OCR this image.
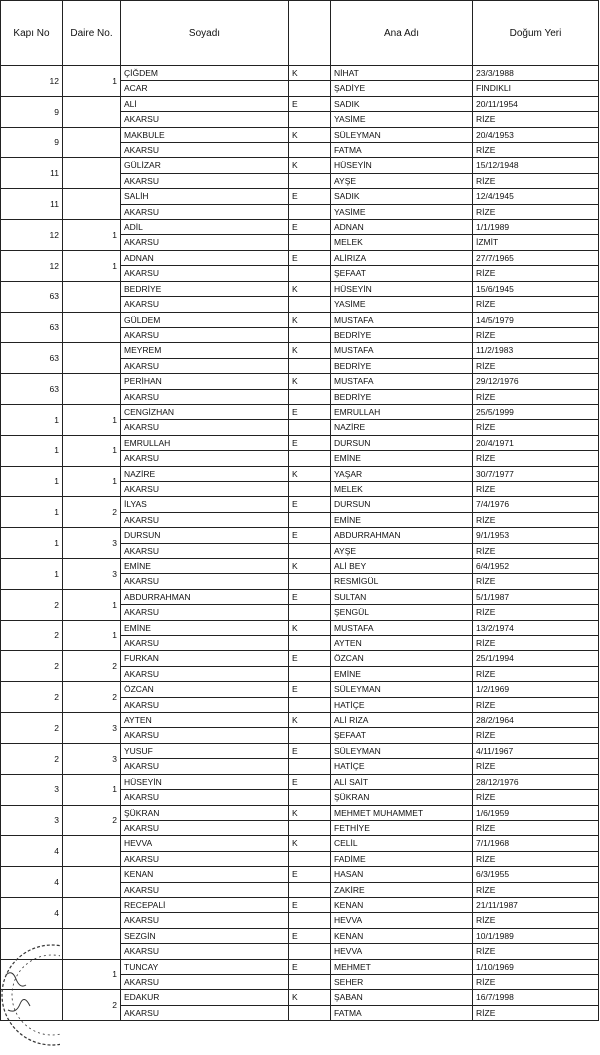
Kapı No	Daire No.	Soyadı		Ana Adı	Doğum Yeri
12	1	ÇİĞDEM	K	NİHAT	23/3/1988
		ACAR		ŞADİYE	FINDIKLI
9		ALİ	E	SADIK	20/11/1954
		AKARSU		YASİME	RİZE
9		MAKBULE	K	SÜLEYMAN	20/4/1953
		AKARSU		FATMA	RİZE
11		GÜLİZAR	K	HÜSEYİN	15/12/1948
		AKARSU		AYŞE	RİZE
11		SALİH	E	SADIK	12/4/1945
		AKARSU		YASİME	RİZE
12	1	ADİL	E	ADNAN	1/1/1989
		AKARSU		MELEK	İZMİT
12	1	ADNAN	E	ALİRIZA	27/7/1965
		AKARSU		ŞEFAAT	RİZE
63		BEDRİYE	K	HÜSEYİN	15/6/1945
		AKARSU		YASİME	RİZE
63		GÜLDEM	K	MUSTAFA	14/5/1979
		AKARSU		BEDRİYE	RİZE
63		MEYREM	K	MUSTAFA	11/2/1983
		AKARSU		BEDRİYE	RİZE
63		PERİHAN	K	MUSTAFA	29/12/1976
		AKARSU		BEDRİYE	RİZE
1	1	CENGİZHAN	E	EMRULLAH	25/5/1999
		AKARSU		NAZİRE	RİZE
1	1	EMRULLAH	E	DURSUN	20/4/1971
		AKARSU		EMİNE	RİZE
1	1	NAZİRE	K	YAŞAR	30/7/1977
		AKARSU		MELEK	RİZE
1	2	İLYAS	E	DURSUN	7/4/1976
		AKARSU		EMİNE	RİZE
1	3	DURSUN	E	ABDURRAHMAN	9/1/1953
		AKARSU		AYŞE	RİZE
1	3	EMİNE	K	ALİ BEY	6/4/1952
		AKARSU		RESMİGÜL	RİZE
2	1	ABDURRAHMAN	E	SULTAN	5/1/1987
		AKARSU		ŞENGÜL	RİZE
2	1	EMİNE	K	MUSTAFA	13/2/1974
		AKARSU		AYTEN	RİZE
2	2	FURKAN	E	ÖZCAN	25/1/1994
		AKARSU		EMİNE	RİZE
2	2	ÖZCAN	E	SÜLEYMAN	1/2/1969
		AKARSU		HATİÇE	RİZE
2	3	AYTEN	K	ALİ RIZA	28/2/1964
		AKARSU		ŞEFAAT	RİZE
2	3	YUSUF	E	SÜLEYMAN	4/11/1967
		AKARSU		HATİÇE	RİZE
3	1	HÜSEYİN	E	ALİ SAİT	28/12/1976
		AKARSU		ŞÜKRAN	RİZE
3	2	ŞÜKRAN	K	MEHMET MUHAMMET	1/6/1959
		AKARSU		FETHİYE	RİZE
4		HEVVA	K	CELİL	7/1/1968
		AKARSU		FADİME	RİZE
4		KENAN	E	HASAN	6/3/1955
		AKARSU		ZAKİRE	RİZE
4		RECEPALİ	E	KENAN	21/11/1987
		AKARSU		HEVVA	RİZE
		SEZGİN	E	KENAN	10/1/1989
		AKARSU		HEVVA	RİZE
	1	TUNCAY	E	MEHMET	1/10/1969
		AKARSU		SEHER	RİZE
	2	EDAKUR	K	ŞABAN	16/7/1998
		AKARSU		FATMA	RİZE
